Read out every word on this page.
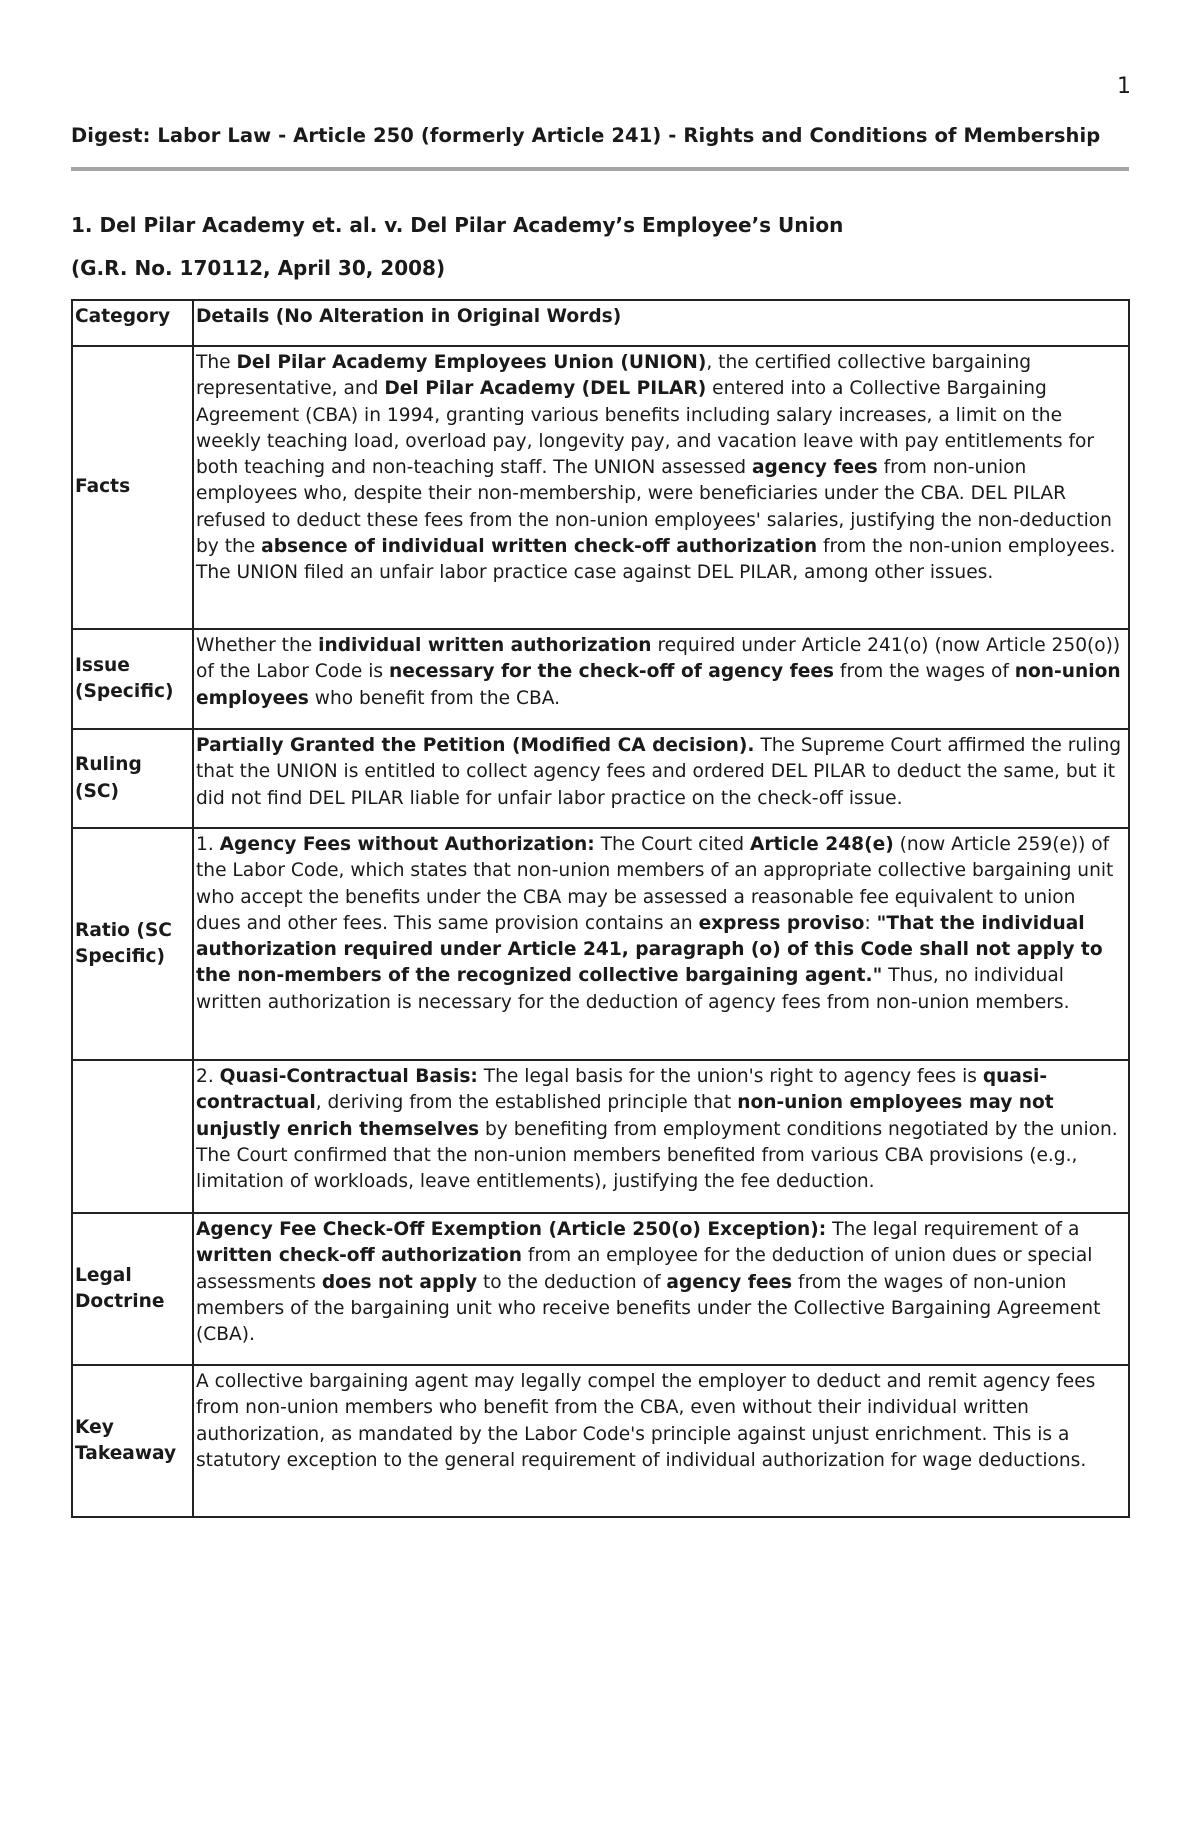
1
Digest: Labor Law - Article 250 (formerly Article 241) - Rights and Conditions of Membership
1. Del Pilar Academy et. al. v. Del Pilar Academy’s Employee’s Union
(G.R. No. 170112, April 30, 2008)
Category	Details (No Alteration in Original Words)
Facts	The Del Pilar Academy Employees Union (UNION), the certified collective bargaining representative, and Del Pilar Academy (DEL PILAR) entered into a Collective Bargaining Agreement (CBA) in 1994, granting various benefits including salary increases, a limit on the weekly teaching load, overload pay, longevity pay, and vacation leave with pay entitlements for both teaching and non-teaching staff. The UNION assessed agency fees from non-union employees who, despite their non-membership, were beneficiaries under the CBA. DEL PILAR refused to deduct these fees from the non-union employees' salaries, justifying the non-deduction by the absence of individual written check-off authorization from the non-union employees. The UNION filed an unfair labor practice case against DEL PILAR, among other issues.
Issue (Specific)	Whether the individual written authorization required under Article 241(o) (now Article 250(o)) of the Labor Code is necessary for the check-off of agency fees from the wages of non-union employees who benefit from the CBA.
Ruling (SC)	Partially Granted the Petition (Modified CA decision). The Supreme Court affirmed the ruling that the UNION is entitled to collect agency fees and ordered DEL PILAR to deduct the same, but it did not find DEL PILAR liable for unfair labor practice on the check-off issue.
Ratio (SC Specific)	1. Agency Fees without Authorization: The Court cited Article 248(e) (now Article 259(e)) of the Labor Code, which states that non-union members of an appropriate collective bargaining unit who accept the benefits under the CBA may be assessed a reasonable fee equivalent to union dues and other fees. This same provision contains an express proviso: "That the individual authorization required under Article 241, paragraph (o) of this Code shall not apply to the non-members of the recognized collective bargaining agent." Thus, no individual written authorization is necessary for the deduction of agency fees from non-union members.
	2. Quasi-Contractual Basis: The legal basis for the union's right to agency fees is quasi-contractual, deriving from the established principle that non-union employees may not unjustly enrich themselves by benefiting from employment conditions negotiated by the union. The Court confirmed that the non-union members benefited from various CBA provisions (e.g., limitation of workloads, leave entitlements), justifying the fee deduction.
Legal Doctrine	Agency Fee Check-Off Exemption (Article 250(o) Exception): The legal requirement of a written check-off authorization from an employee for the deduction of union dues or special assessments does not apply to the deduction of agency fees from the wages of non-union members of the bargaining unit who receive benefits under the Collective Bargaining Agreement (CBA).
Key Takeaway	A collective bargaining agent may legally compel the employer to deduct and remit agency fees from non-union members who benefit from the CBA, even without their individual written authorization, as mandated by the Labor Code's principle against unjust enrichment. This is a statutory exception to the general requirement of individual authorization for wage deductions.
